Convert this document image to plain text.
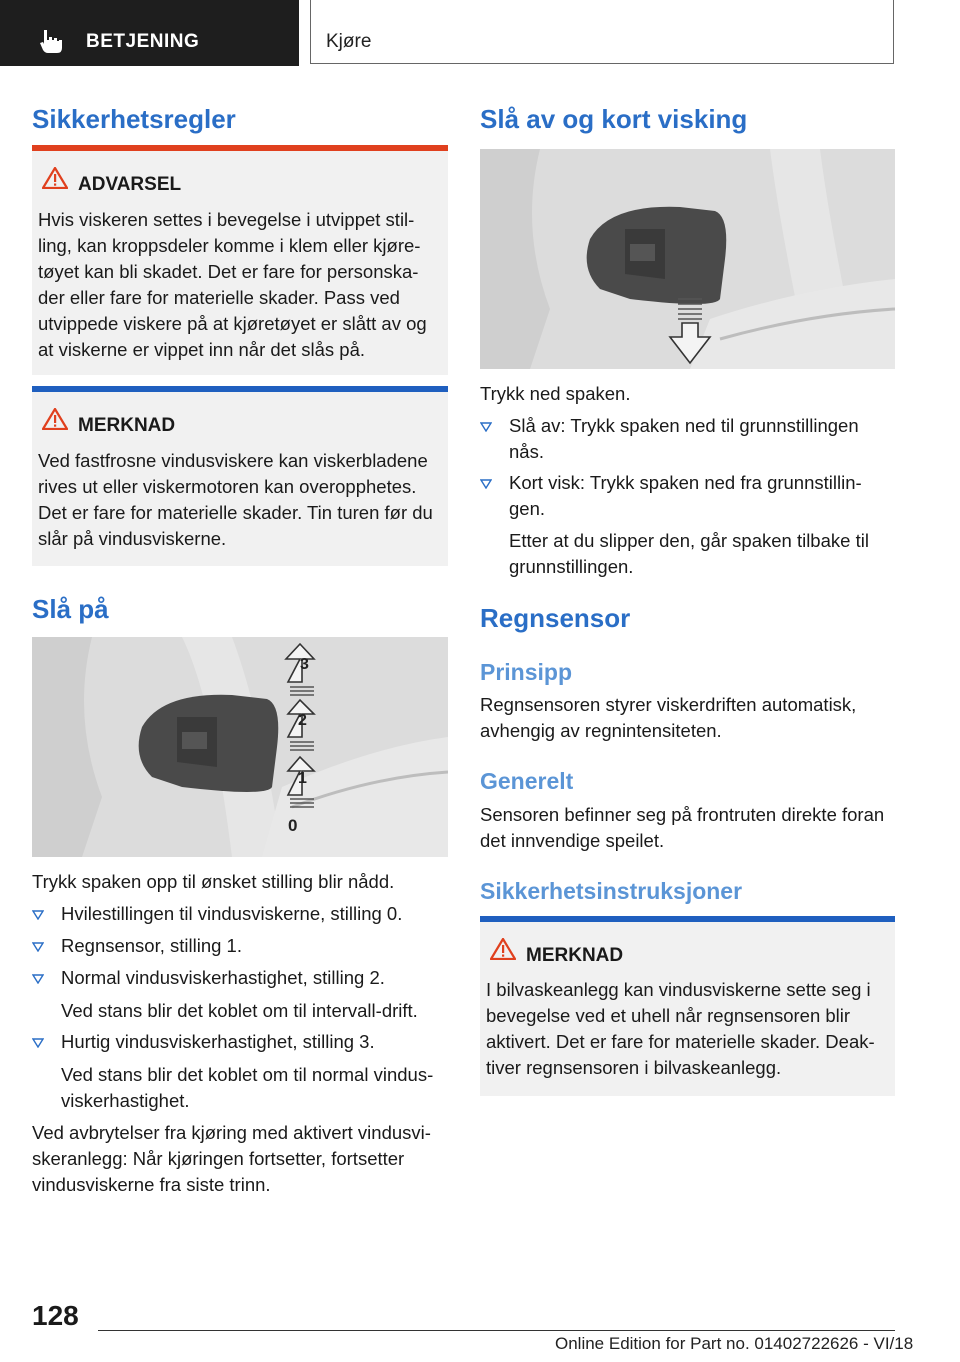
BETJENING	Kjøre
Sikkerhetsregler
ADVARSEL
Hvis viskeren settes i bevegelse i utvippet stil-ling, kan kroppsdeler komme i klem eller kjøre-tøyet kan bli skadet. Det er fare for personska-der eller fare for materielle skader. Pass ved utvippede viskere på at kjøretøyet er slått av og at viskerne er vippet inn når det slås på.
MERKNAD
Ved fastfrosne vindusviskere kan viskerbladene rives ut eller viskermotoren kan overopphetes. Det er fare for materielle skader. Tin turen før du slår på vindusviskerne.
Slå på
3
2
1
0
Trykk spaken opp til ønsket stilling blir nådd.
Hvilestillingen til vindusviskerne, stilling 0.
Regnsensor, stilling 1.
Normal vindusviskerhastighet, stilling 2.
Ved stans blir det koblet om til intervall-drift.
Hurtig vindusviskerhastighet, stilling 3.
Ved stans blir det koblet om til normal vindus-viskerhastighet.
Ved avbrytelser fra kjøring med aktivert vindusvi-skeranlegg: Når kjøringen fortsetter, fortsetter vindusviskerne fra siste trinn.
Slå av og kort visking
Trykk ned spaken.
Slå av: Trykk spaken ned til grunnstillingen nås.
Kort visk: Trykk spaken ned fra grunnstillin-gen.
Etter at du slipper den, går spaken tilbake til grunnstillingen.
Regnsensor
Prinsipp
Regnsensoren styrer viskerdriften automatisk, avhengig av regnintensiteten.
Generelt
Sensoren befinner seg på frontruten direkte foran det innvendige speilet.
Sikkerhetsinstruksjoner
MERKNAD
I bilvaskeanlegg kan vindusviskerne sette seg i bevegelse ved et uhell når regnsensoren blir aktivert. Det er fare for materielle skader. Deak-tiver regnsensoren i bilvaskeanlegg.
128
Online Edition for Part no. 01402722626 - VI/18
